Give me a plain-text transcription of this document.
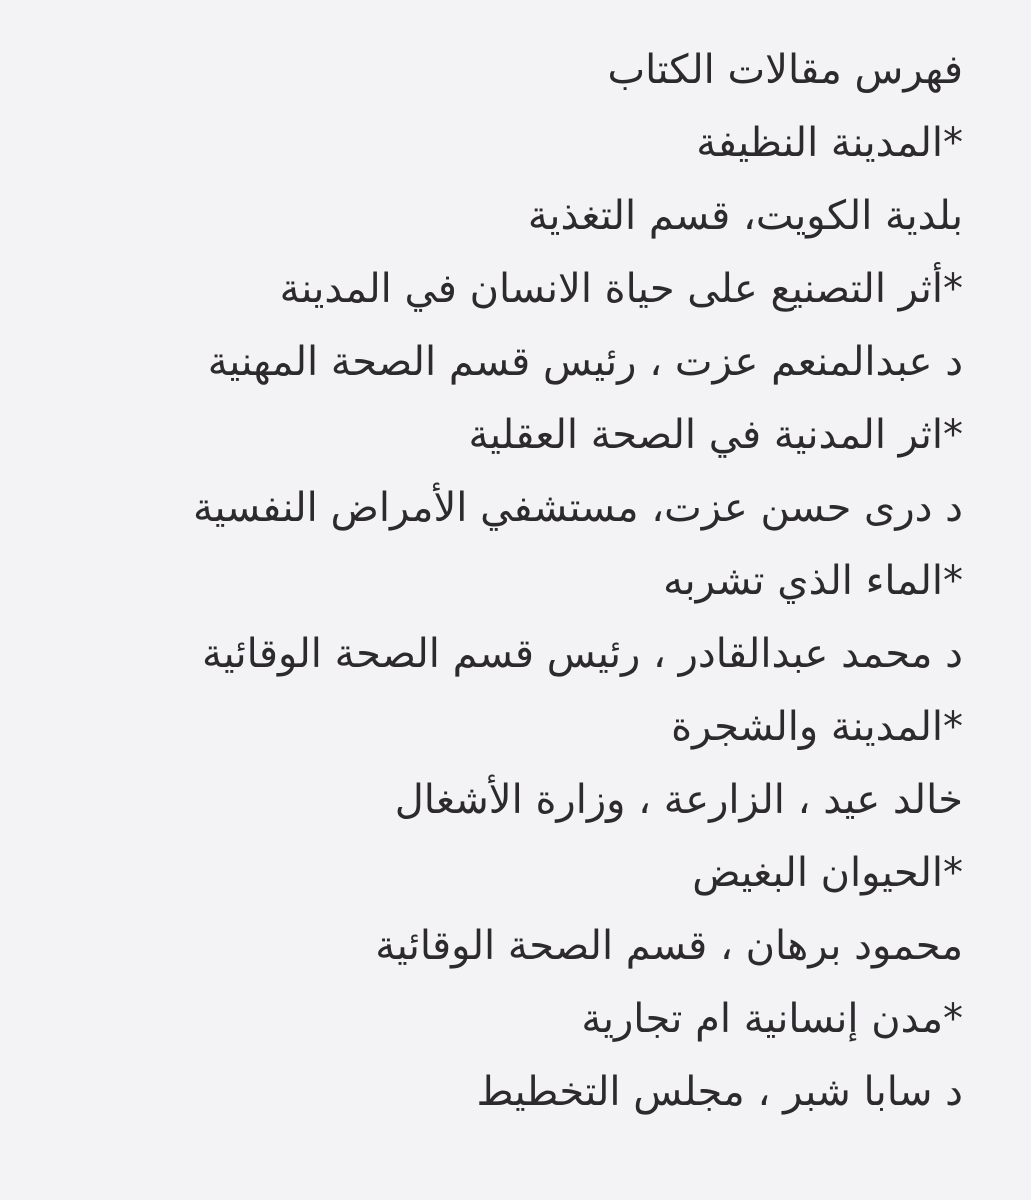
فهرس مقالات الكتاب
*المدينة النظيفة
بلدية الكويت، قسم التغذية
*أثر التصنيع على حياة الانسان في المدينة
د عبدالمنعم عزت ، رئيس قسم الصحة المهنية
*اثر المدنية في الصحة العقلية
د درى حسن عزت، مستشفي الأمراض النفسية
*الماء الذي تشربه
د محمد عبدالقادر ، رئيس قسم الصحة الوقائية
*المدينة والشجرة
خالد عيد ، الزارعة ، وزارة الأشغال
*الحيوان البغيض
محمود برهان ، قسم الصحة الوقائية
*مدن إنسانية ام تجارية
د سابا شبر ، مجلس التخطيط
